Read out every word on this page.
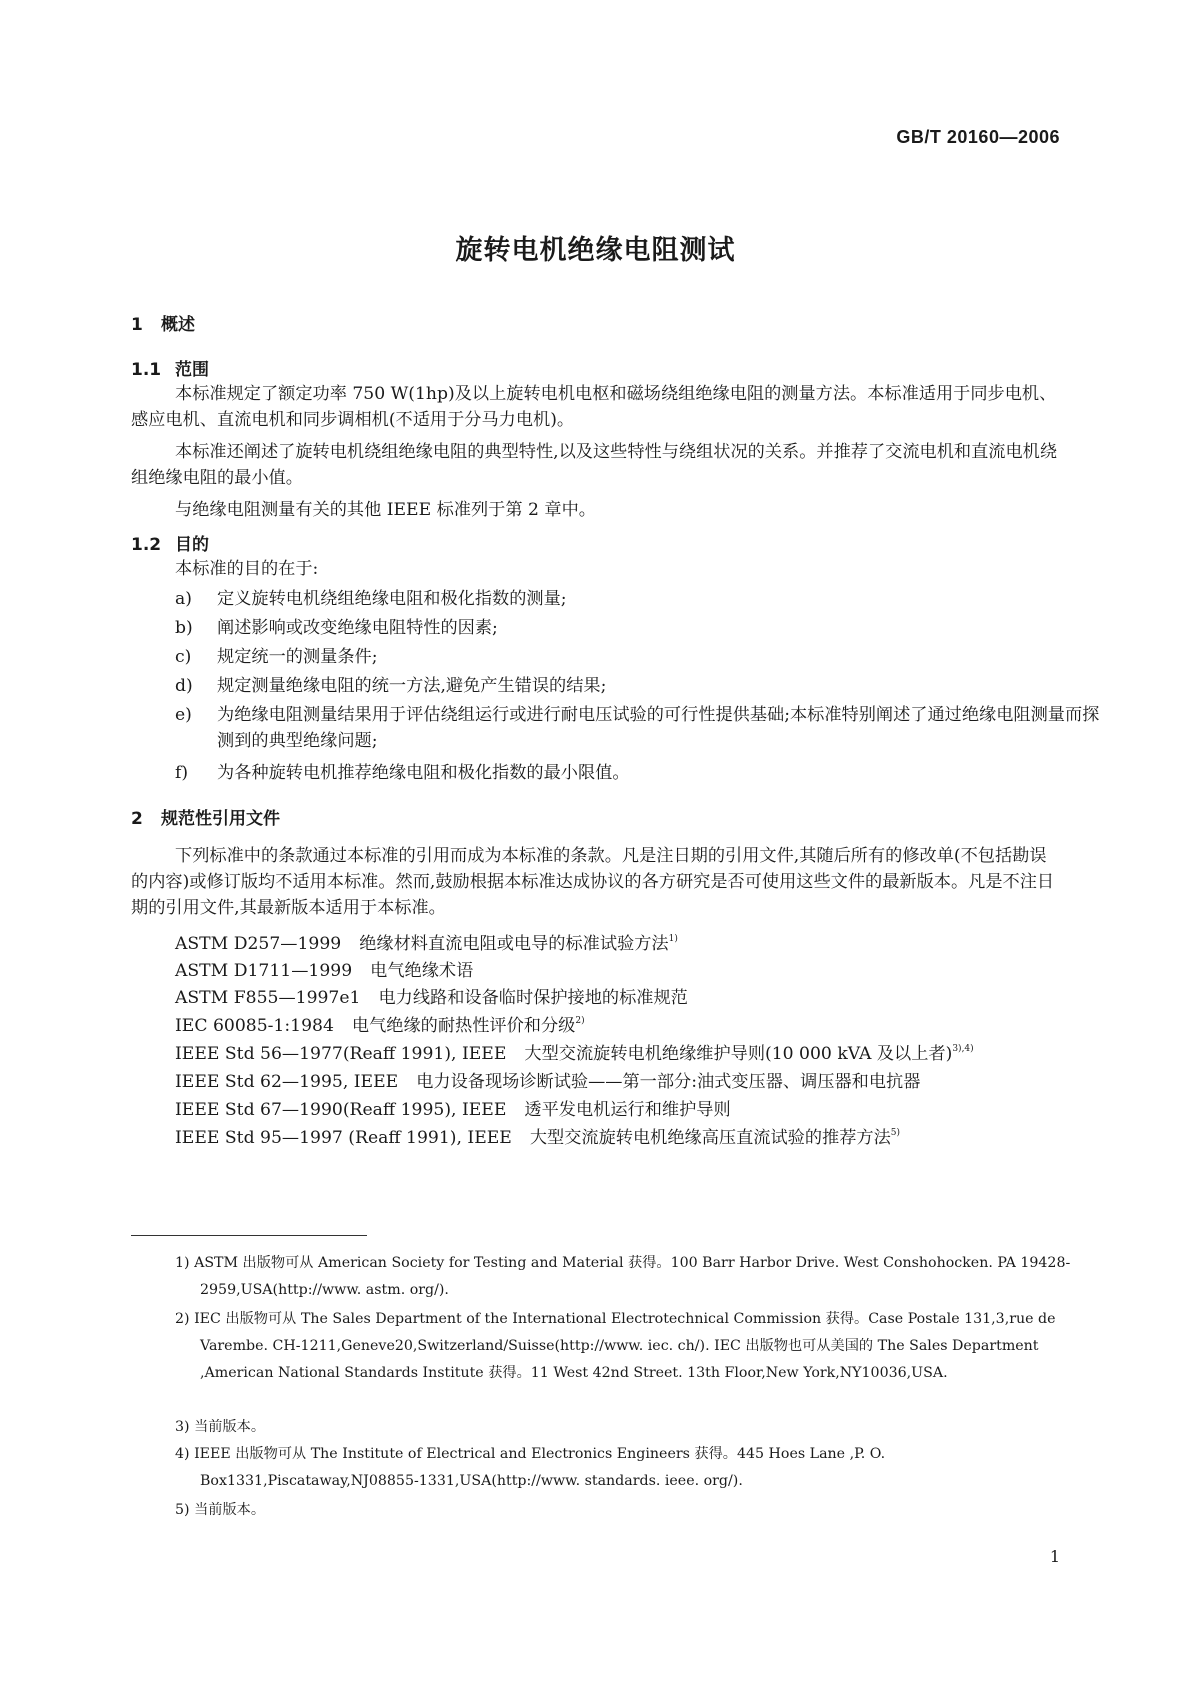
GB/T 20160—2006
旋转电机绝缘电阻测试
1 概述
1.1 范围
本标准规定了额定功率 750 W(1hp)及以上旋转电机电枢和磁场绕组绝缘电阻的测量方法。本标准适用于同步电机、感应电机、直流电机和同步调相机(不适用于分马力电机)。
本标准还阐述了旋转电机绕组绝缘电阻的典型特性,以及这些特性与绕组状况的关系。并推荐了交流电机和直流电机绕组绝缘电阻的最小值。
与绝缘电阻测量有关的其他 IEEE 标准列于第 2 章中。
1.2 目的
本标准的目的在于:
a) 定义旋转电机绕组绝缘电阻和极化指数的测量;
b) 阐述影响或改变绝缘电阻特性的因素;
c) 规定统一的测量条件;
d) 规定测量绝缘电阻的统一方法,避免产生错误的结果;
e) 为绝缘电阻测量结果用于评估绕组运行或进行耐电压试验的可行性提供基础;本标准特别阐述了通过绝缘电阻测量而探测到的典型绝缘问题;
f) 为各种旋转电机推荐绝缘电阻和极化指数的最小限值。
2 规范性引用文件
下列标准中的条款通过本标准的引用而成为本标准的条款。凡是注日期的引用文件,其随后所有的修改单(不包括勘误的内容)或修订版均不适用本标准。然而,鼓励根据本标准达成协议的各方研究是否可使用这些文件的最新版本。凡是不注日期的引用文件,其最新版本适用于本标准。
ASTM D257—1999 绝缘材料直流电阻或电导的标准试验方法$^{1)}$
ASTM D1711—1999 电气绝缘术语
ASTM F855—1997e1 电力线路和设备临时保护接地的标准规范
IEC 60085-1:1984 电气绝缘的耐热性评价和分级$^{2)}$
IEEE Std 56—1977(Reaff 1991), IEEE 大型交流旋转电机绝缘维护导则(10 000 kVA 及以上者)$^{3),4)}$
IEEE Std 62—1995, IEEE 电力设备现场诊断试验——第一部分:油式变压器、调压器和电抗器
IEEE Std 67—1990(Reaff 1995), IEEE 透平发电机运行和维护导则
IEEE Std 95—1997 (Reaff 1991), IEEE 大型交流旋转电机绝缘高压直流试验的推荐方法$^{5)}$
1) ASTM 出版物可从 American Society for Testing and Material 获得。100 Barr Harbor Drive. West Conshohocken. PA 19428-2959,USA(http://www. astm. org/).
2) IEC 出版物可从 The Sales Department of the International Electrotechnical Commission 获得。Case Postale 131,3,rue de Varembe. CH-1211,Geneve20,Switzerland/Suisse(http://www. iec. ch/). IEC 出版物也可从美国的 The Sales Department ,American National Standards Institute 获得。11 West 42nd Street. 13th Floor,New York,NY10036,USA.
3) 当前版本。
4) IEEE 出版物可从 The Institute of Electrical and Electronics Engineers 获得。445 Hoes Lane ,P. O. Box1331,Piscataway,NJ08855-1331,USA(http://www. standards. ieee. org/).
5) 当前版本。
1
